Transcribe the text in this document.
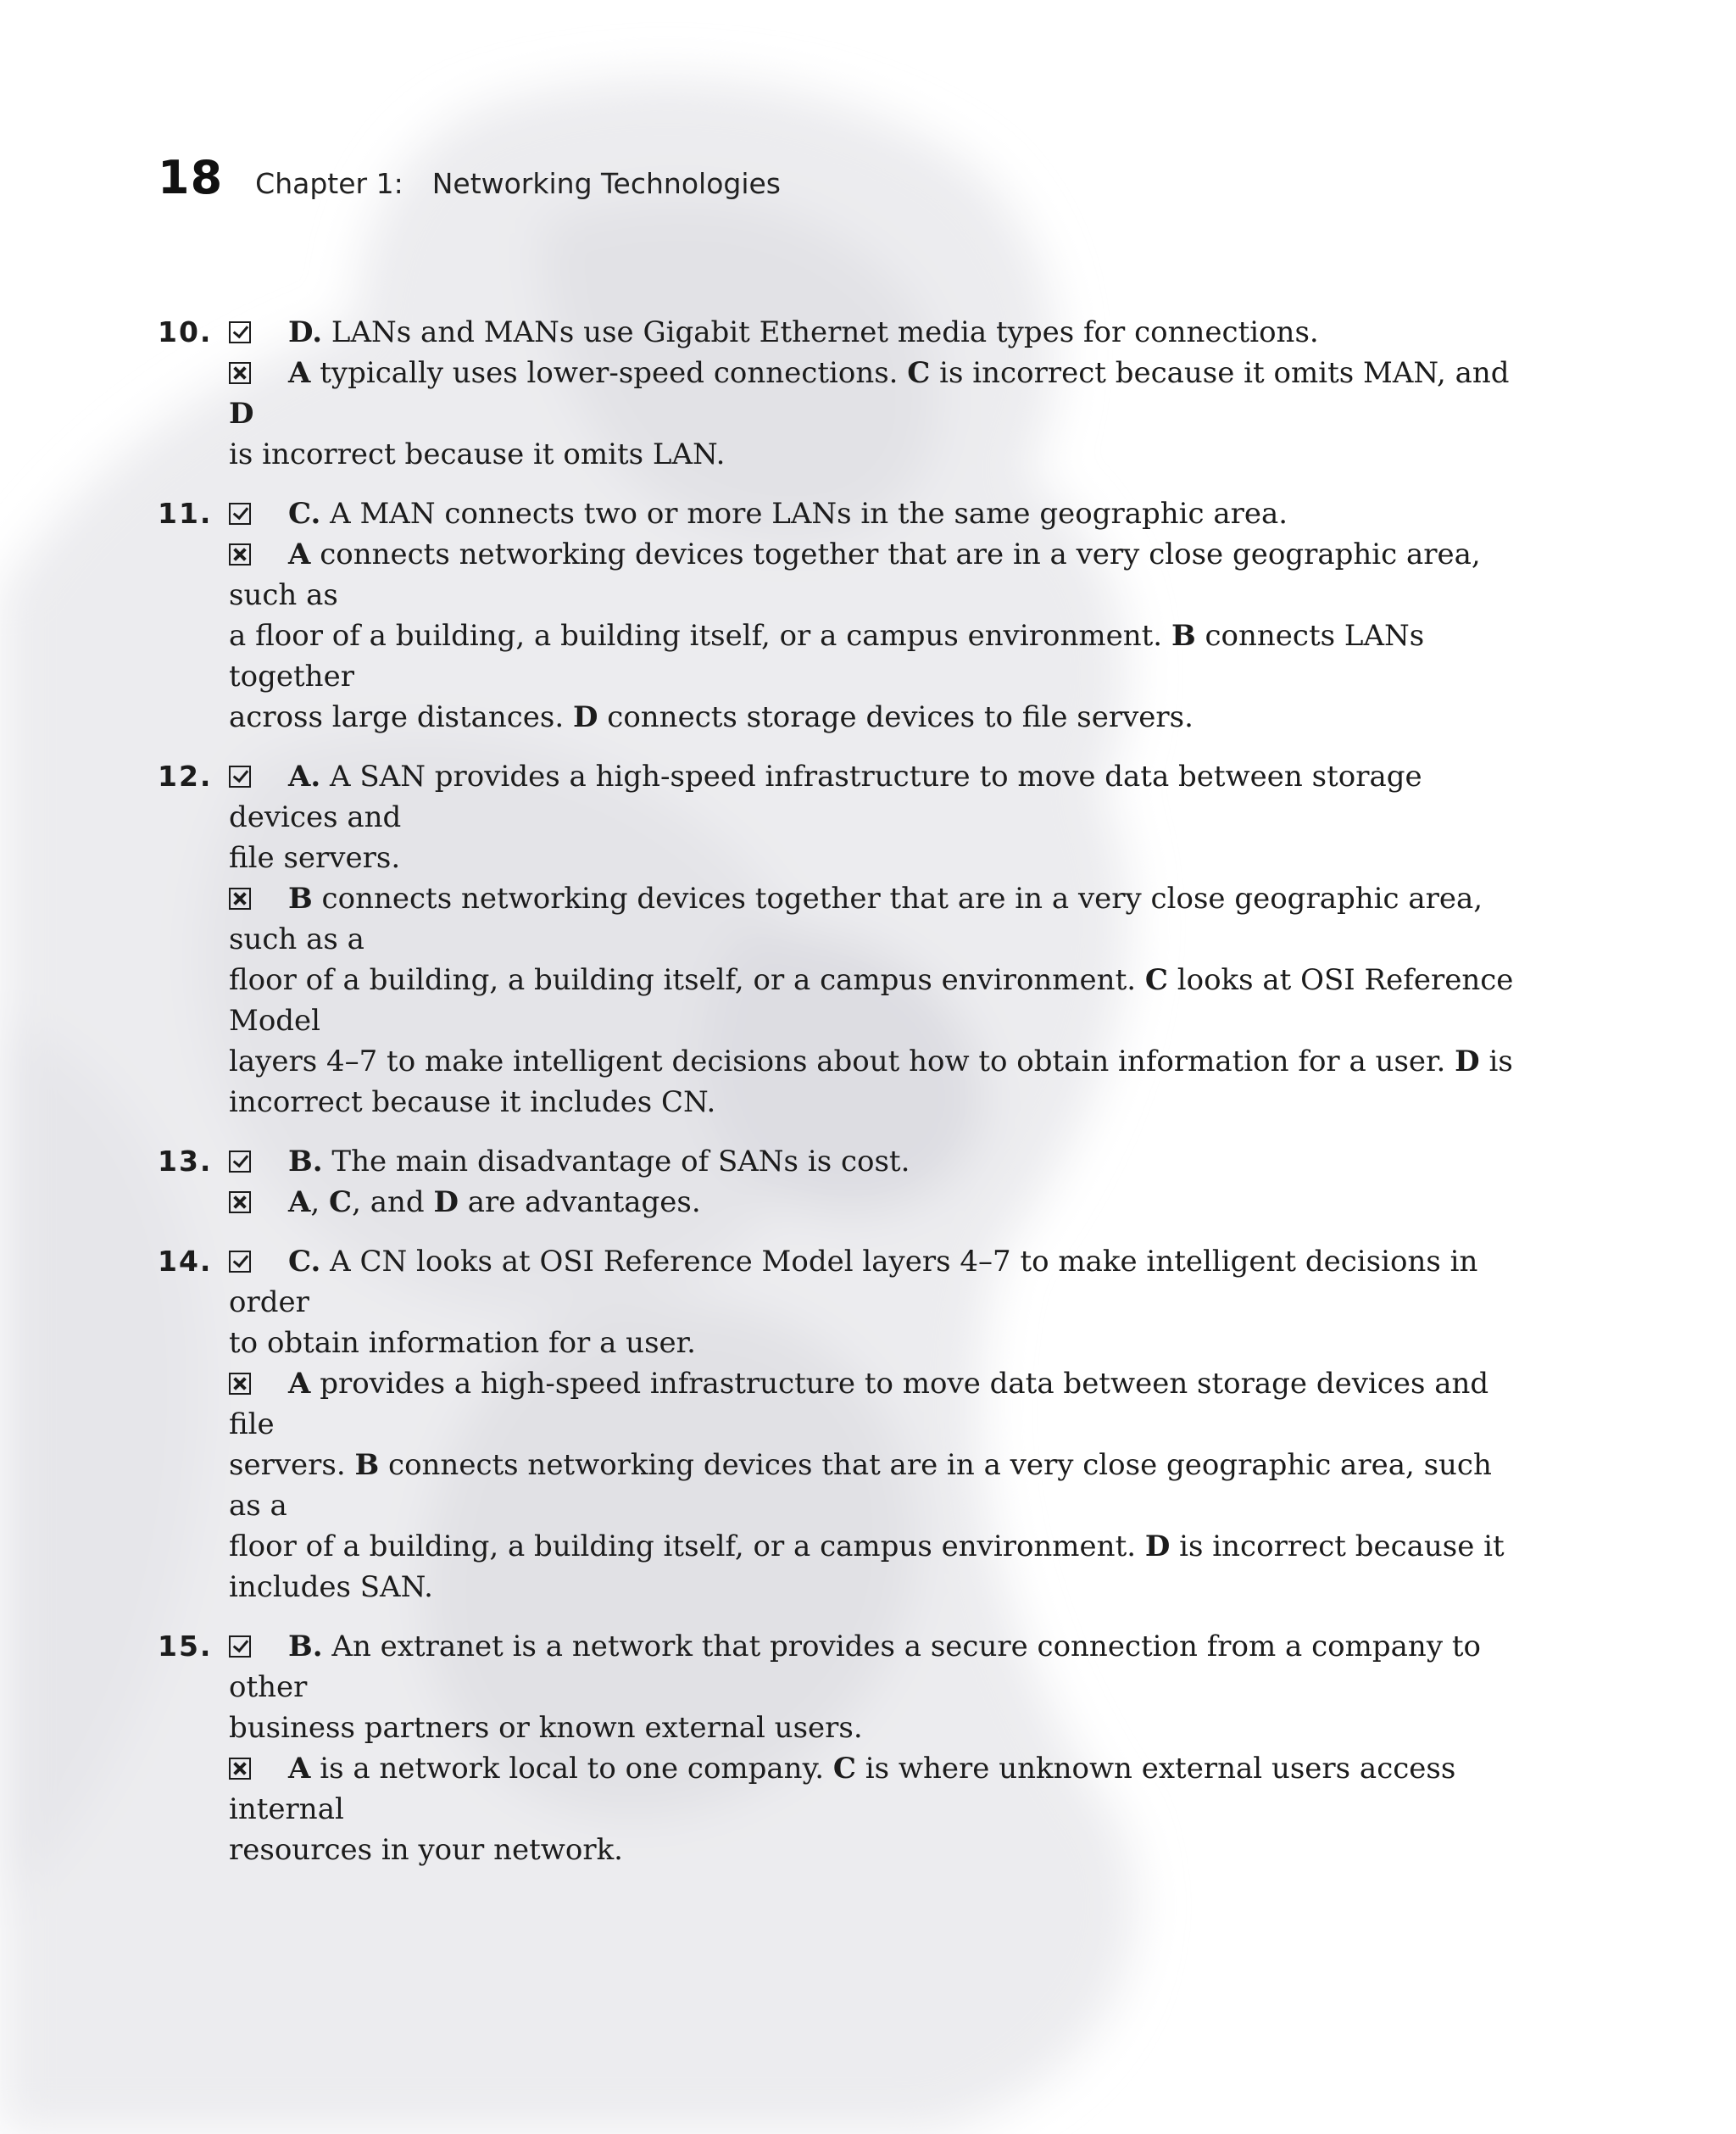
18 Chapter 1: Networking Technologies
10.	D. LANs and MANs use Gigabit Ethernet media types for connections.
A typically uses lower-speed connections. C is incorrect because it omits MAN, and D
is incorrect because it omits LAN.
11.	C. A MAN connects two or more LANs in the same geographic area.
A connects networking devices together that are in a very close geographic area, such as
a floor of a building, a building itself, or a campus environment. B connects LANs together
across large distances. D connects storage devices to file servers.
12.	A. A SAN provides a high-speed infrastructure to move data between storage devices and
file servers.
B connects networking devices together that are in a very close geographic area, such as a
floor of a building, a building itself, or a campus environment. C looks at OSI Reference Model
layers 4–7 to make intelligent decisions about how to obtain information for a user. D is
incorrect because it includes CN.
13.	B. The main disadvantage of SANs is cost.
A, C, and D are advantages.
14.	C. A CN looks at OSI Reference Model layers 4–7 to make intelligent decisions in order
to obtain information for a user.
A provides a high-speed infrastructure to move data between storage devices and file
servers. B connects networking devices that are in a very close geographic area, such as a
floor of a building, a building itself, or a campus environment. D is incorrect because it
includes SAN.
15.	B. An extranet is a network that provides a secure connection from a company to other
business partners or known external users.
A is a network local to one company. C is where unknown external users access internal
resources in your network.
